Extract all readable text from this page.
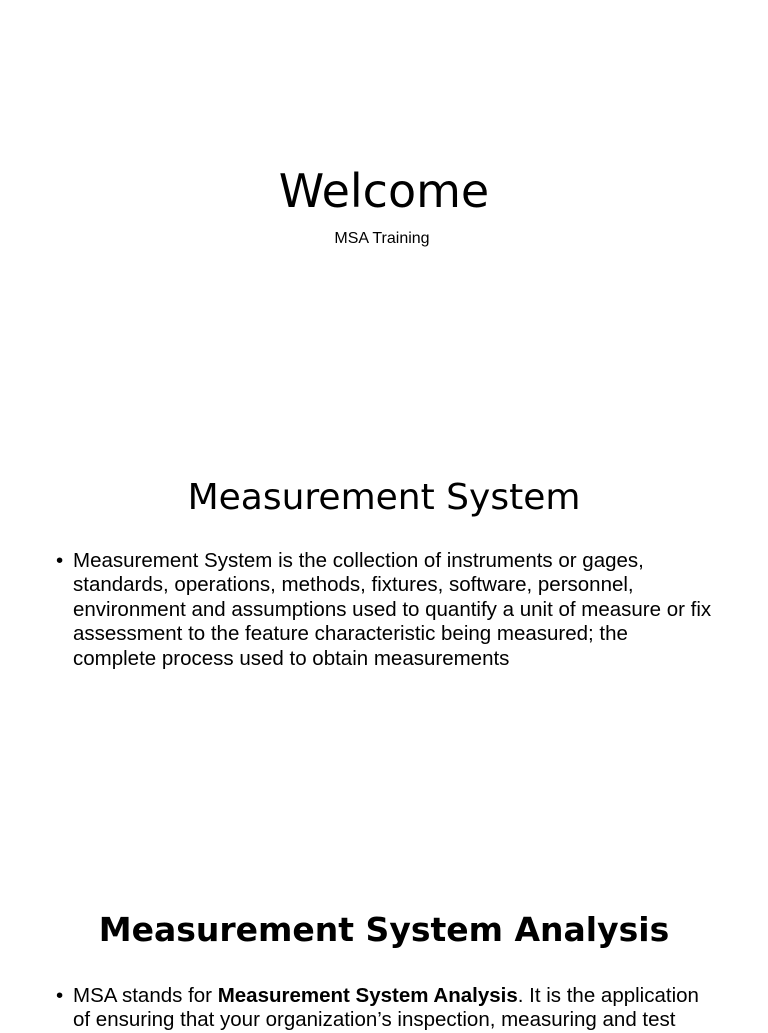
Welcome

MSA Training

Measurement System
• Measurement System is the collection of instruments or gages, standards, operations, methods, fixtures, software, personnel, environment and assumptions used to quantify a unit of measure or fix assessment to the feature characteristic being measured; the complete process used to obtain measurements
Measurement System Analysis
• MSA stands for Measurement System Analysis. It is the application of ensuring that your organization’s inspection, measuring and test
